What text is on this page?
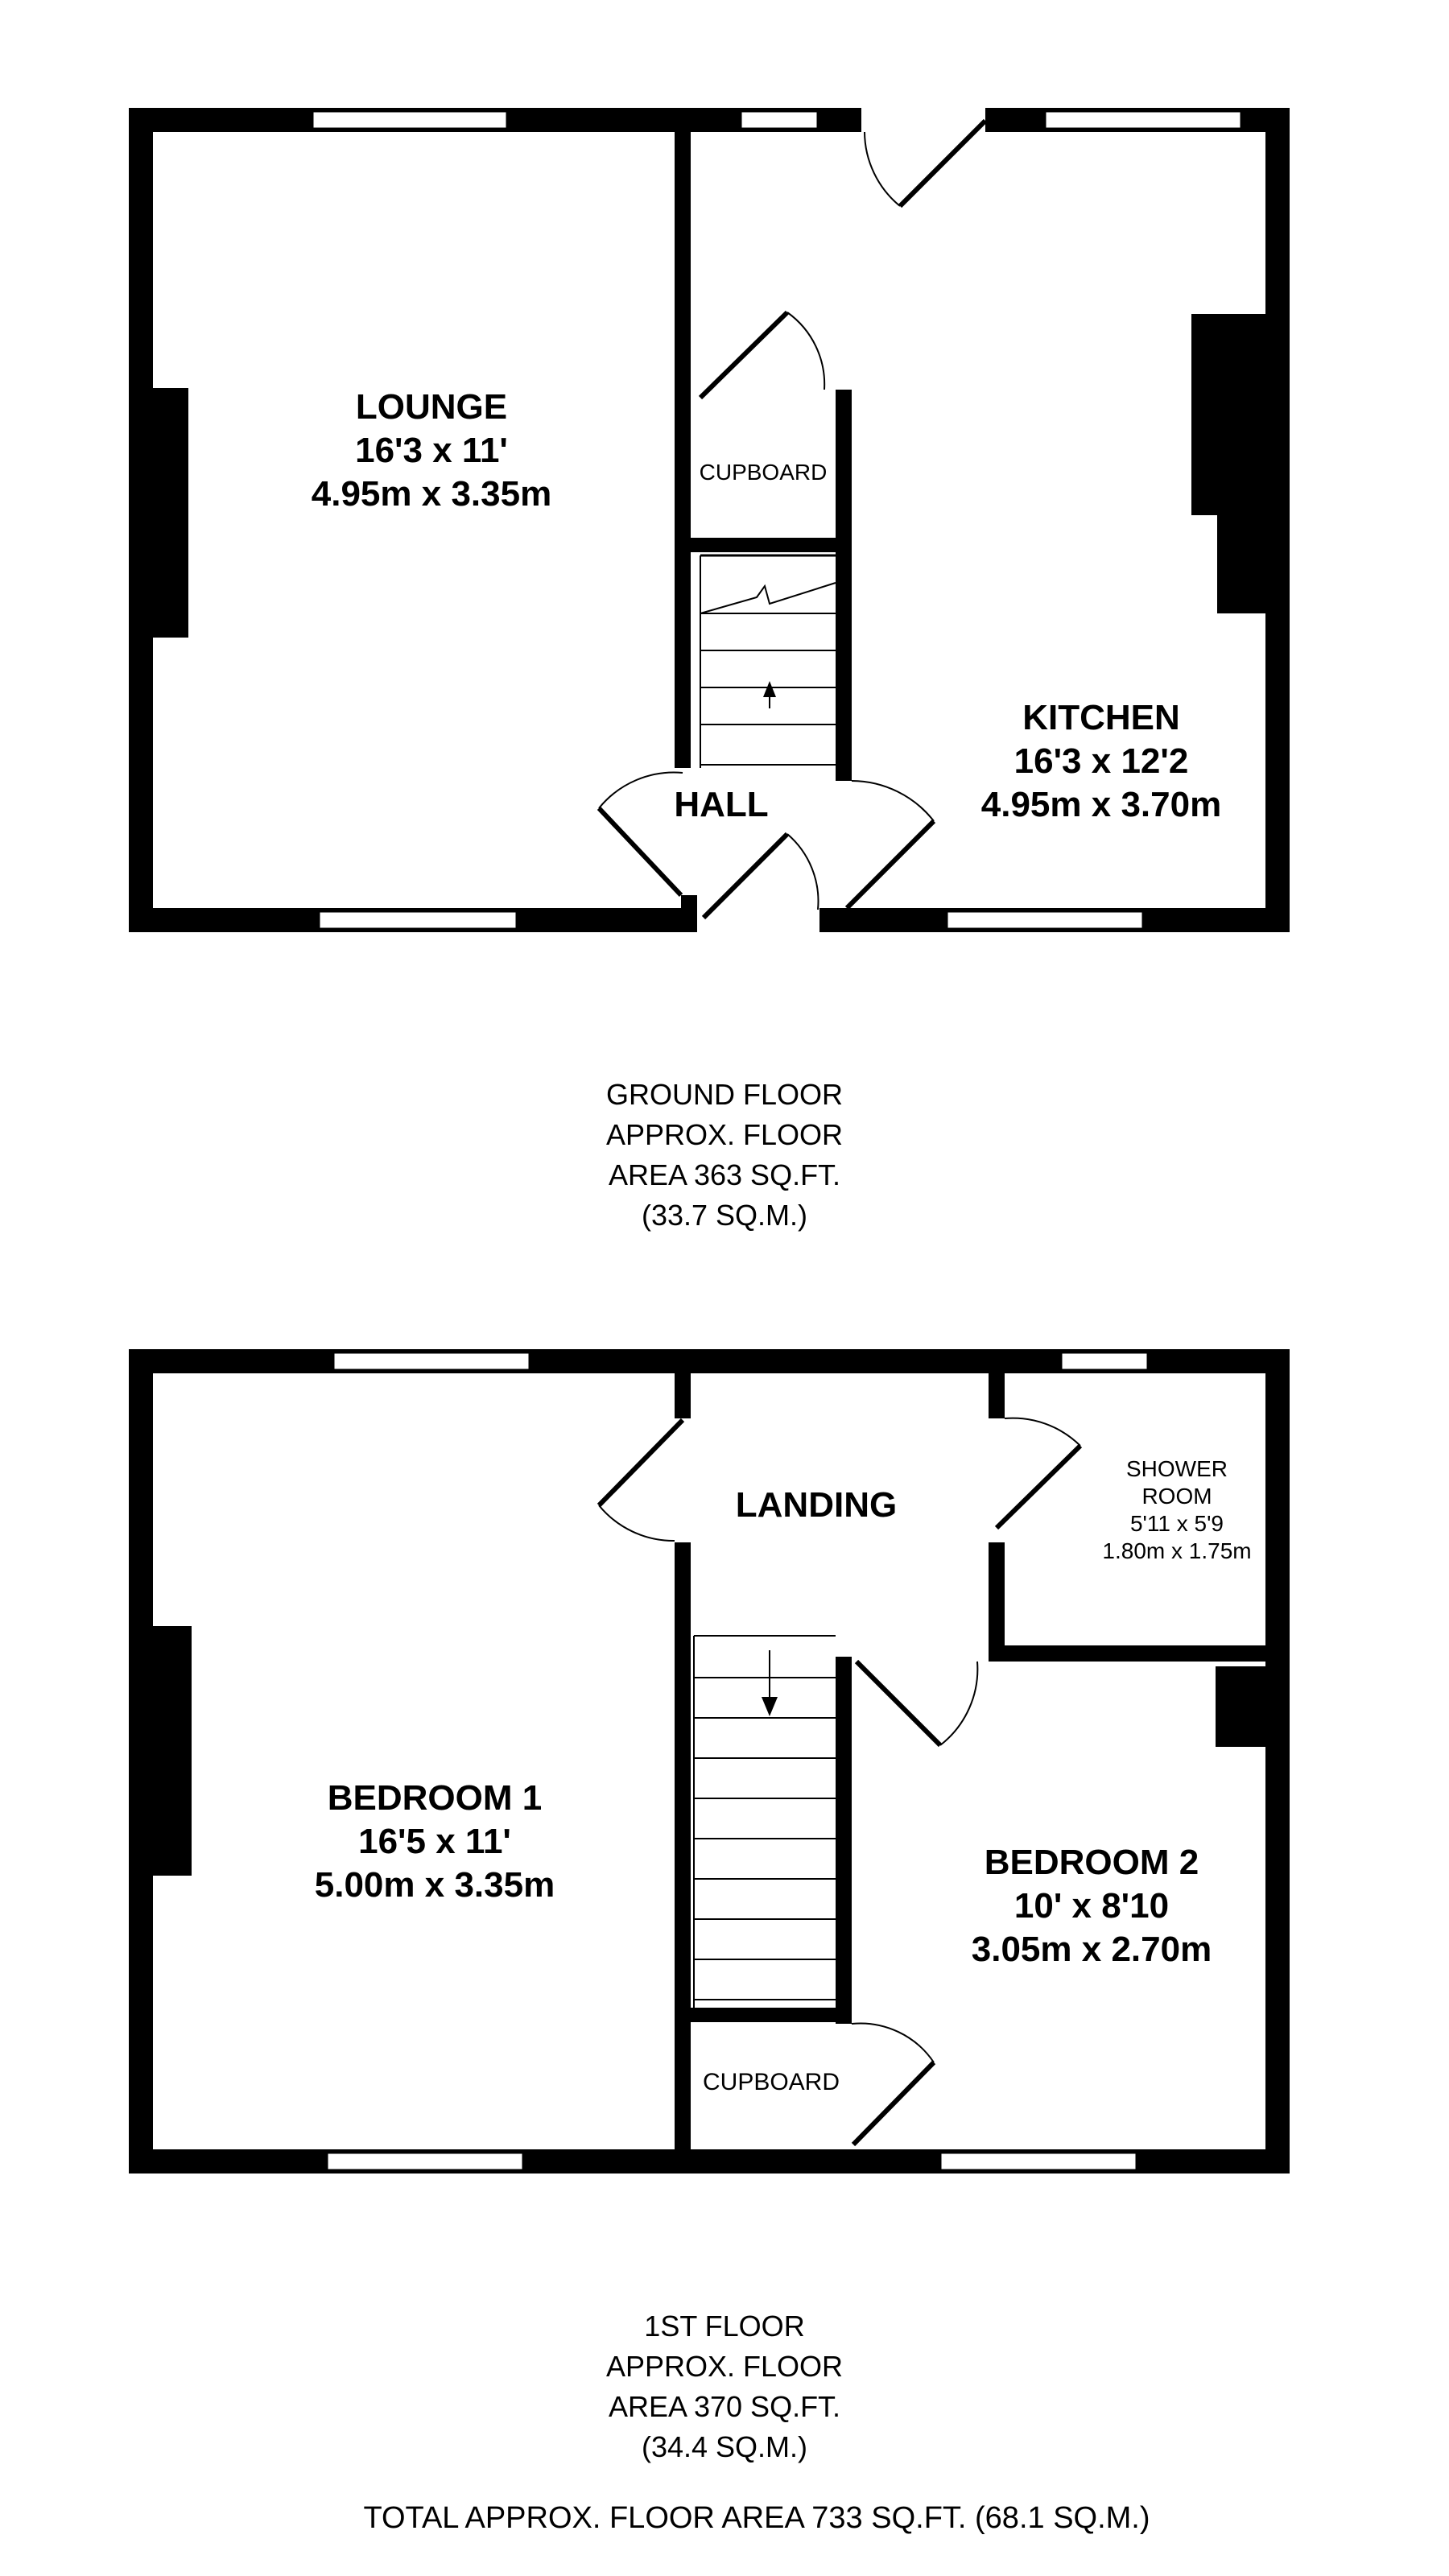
LOUNGE
16'3 x 11'
4.95m x 3.35m
KITCHEN
16'3 x 12'2
4.95m x 3.70m
HALL
CUPBOARD
GROUND FLOOR
APPROX. FLOOR
AREA 363 SQ.FT.
(33.7 SQ.M.)
BEDROOM 1
16'5 x 11'
5.00m x 3.35m
BEDROOM 2
10' x 8'10
3.05m x 2.70m
LANDING
SHOWER
ROOM
5'11 x 5'9
1.80m x 1.75m
CUPBOARD
1ST FLOOR
APPROX. FLOOR
AREA 370 SQ.FT.
(34.4 SQ.M.)
TOTAL APPROX. FLOOR AREA 733 SQ.FT. (68.1 SQ.M.)
